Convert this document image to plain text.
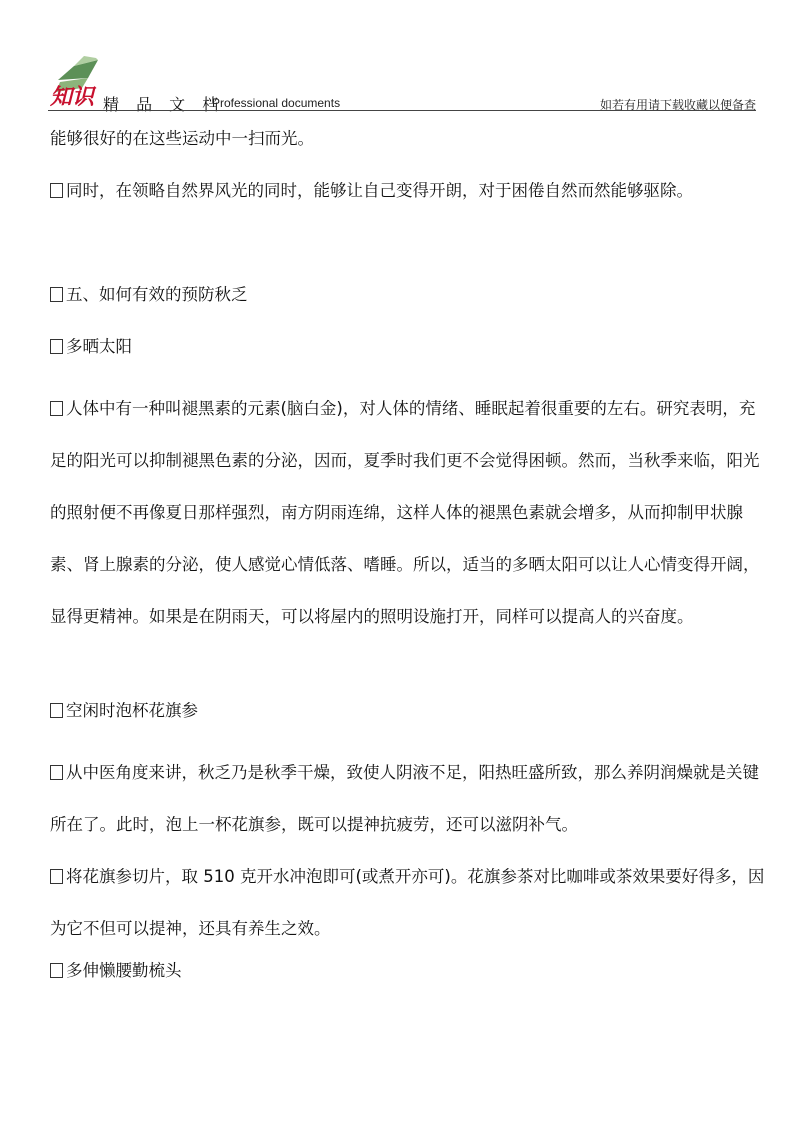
知识 精 品 文 档
Professional documents	如若有用请下载收藏以便备查

能够很好的在这些运动中一扫而光。

同时，在领略自然界风光的同时，能够让自己变得开朗，对于困倦自然而然能够驱除。

五、如何有效的预防秋乏

多晒太阳

人体中有一种叫褪黑素的元素(脑白金)，对人体的情绪、睡眠起着很重要的左右。研究表明，充足的阳光可以抑制褪黑色素的分泌，因而，夏季时我们更不会觉得困顿。然而，当秋季来临，阳光的照射便不再像夏日那样强烈，南方阴雨连绵，这样人体的褪黑色素就会增多，从而抑制甲状腺素、肾上腺素的分泌，使人感觉心情低落、嗜睡。所以，适当的多晒太阳可以让人心情变得开阔，显得更精神。如果是在阴雨天，可以将屋内的照明设施打开，同样可以提高人的兴奋度。

空闲时泡杯花旗参

从中医角度来讲，秋乏乃是秋季干燥，致使人阴液不足，阳热旺盛所致，那么养阴润燥就是关键所在了。此时，泡上一杯花旗参，既可以提神抗疲劳，还可以滋阴补气。

将花旗参切片，取 510 克开水冲泡即可(或煮开亦可)。花旗参茶对比咖啡或茶效果要好得多，因为它不但可以提神，还具有养生之效。

多伸懒腰勤梳头
